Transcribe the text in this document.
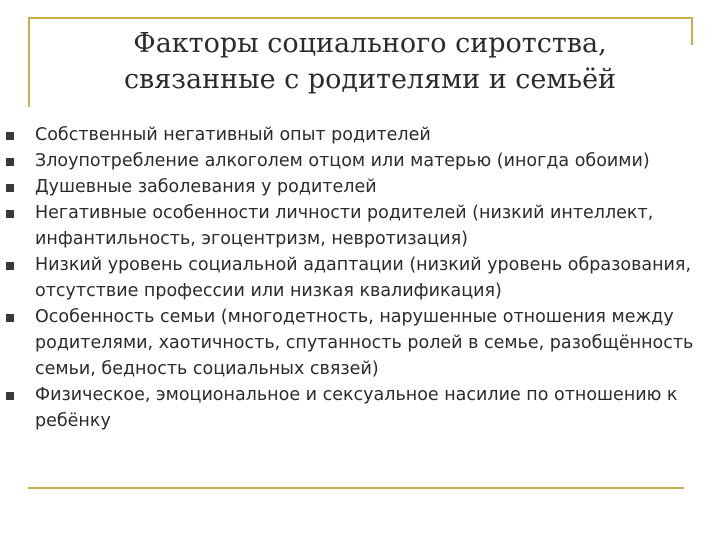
Факторы социального сиротства, связанные с родителями и семьёй
Собственный негативный опыт родителей
Злоупотребление алкоголем отцом или матерью (иногда обоими)
Душевные заболевания у родителей
Негативные особенности личности родителей (низкий интеллект, инфантильность, эгоцентризм, невротизация)
Низкий уровень социальной адаптации (низкий уровень образования, отсутствие профессии или низкая квалификация)
Особенность семьи (многодетность, нарушенные отношения между родителями, хаотичность, спутанность ролей в семье, разобщённость семьи, бедность социальных связей)
Физическое, эмоциональное и сексуальное насилие по отношению к ребёнку
